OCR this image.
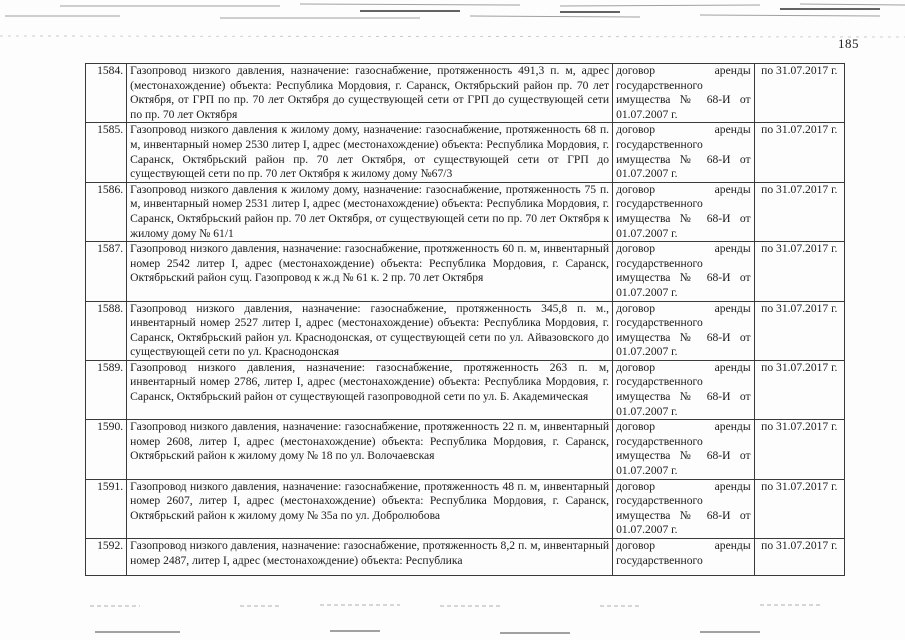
185
1584.	Газопровод низкого давления, назначение: газоснабжение, протяженность 491,3 п. м, адрес (местонахождение) объекта: Республика Мордовия, г. Саранск, Октябрьский район пр. 70 лет Октября, от ГРП по пр. 70 лет Октября до существующей сети от ГРП до существующей сети по пр. 70 лет Октября	договор аренды государственного имущества № 68-И от 01.07.2007 г.	по 31.07.2017 г.
1585.	Газопровод низкого давления к жилому дому, назначение: газоснабжение, протяженность 68 п. м, инвентарный номер 2530 литер I, адрес (местонахождение) объекта: Республика Мордовия, г. Саранск, Октябрьский район пр. 70 лет Октября, от существующей сети от ГРП до существующей сети по пр. 70 лет Октября к жилому дому №67/3	договор аренды государственного имущества № 68-И от 01.07.2007 г.	по 31.07.2017 г.
1586.	Газопровод низкого давления к жилому дому, назначение: газоснабжение, протяженность 75 п. м, инвентарный номер 2531 литер I, адрес (местонахождение) объекта: Республика Мордовия, г. Саранск, Октябрьский район пр. 70 лет Октября, от существующей сети по пр. 70 лет Октября к жилому дому № 61/1	договор аренды государственного имущества № 68-И от 01.07.2007 г.	по 31.07.2017 г.
1587.	Газопровод низкого давления, назначение: газоснабжение, протяженность 60 п. м, инвентарный номер 2542 литер I, адрес (местонахождение) объекта: Республика Мордовия, г. Саранск, Октябрьский район сущ. Газопровод к ж.д № 61 к. 2 пр. 70 лет Октября	договор аренды государственного имущества № 68-И от 01.07.2007 г.	по 31.07.2017 г.
1588.	Газопровод низкого давления, назначение: газоснабжение, протяженность 345,8 п. м., инвентарный номер 2527 литер I, адрес (местонахождение) объекта: Республика Мордовия, г. Саранск, Октябрьский район ул. Краснодонская, от существующей сети по ул. Айвазовского до существующей сети по ул. Краснодонская	договор аренды государственного имущества № 68-И от 01.07.2007 г.	по 31.07.2017 г.
1589.	Газопровод низкого давления, назначение: газоснабжение, протяженность 263 п. м, инвентарный номер 2786, литер I, адрес (местонахождение) объекта: Республика Мордовия, г. Саранск, Октябрьский район от существующей газопроводной сети по ул. Б. Академическая	договор аренды государственного имущества № 68-И от 01.07.2007 г.	по 31.07.2017 г.
1590.	Газопровод низкого давления, назначение: газоснабжение, протяженность 22 п. м, инвентарный номер 2608, литер I, адрес (местонахождение) объекта: Республика Мордовия, г. Саранск, Октябрьский район к жилому дому № 18 по ул. Волочаевская	договор аренды государственного имущества № 68-И от 01.07.2007 г.	по 31.07.2017 г.
1591.	Газопровод низкого давления, назначение: газоснабжение, протяженность 48 п. м, инвентарный номер 2607, литер I, адрес (местонахождение) объекта: Республика Мордовия, г. Саранск, Октябрьский район к жилому дому № 35а по ул. Добролюбова	договор аренды государственного имущества № 68-И от 01.07.2007 г.	по 31.07.2017 г.
1592.	Газопровод низкого давления, назначение: газоснабжение, протяженность 8,2 п. м, инвентарный номер 2487, литер I, адрес (местонахождение) объекта: Республика	договор аренды государственного	по 31.07.2017 г.
